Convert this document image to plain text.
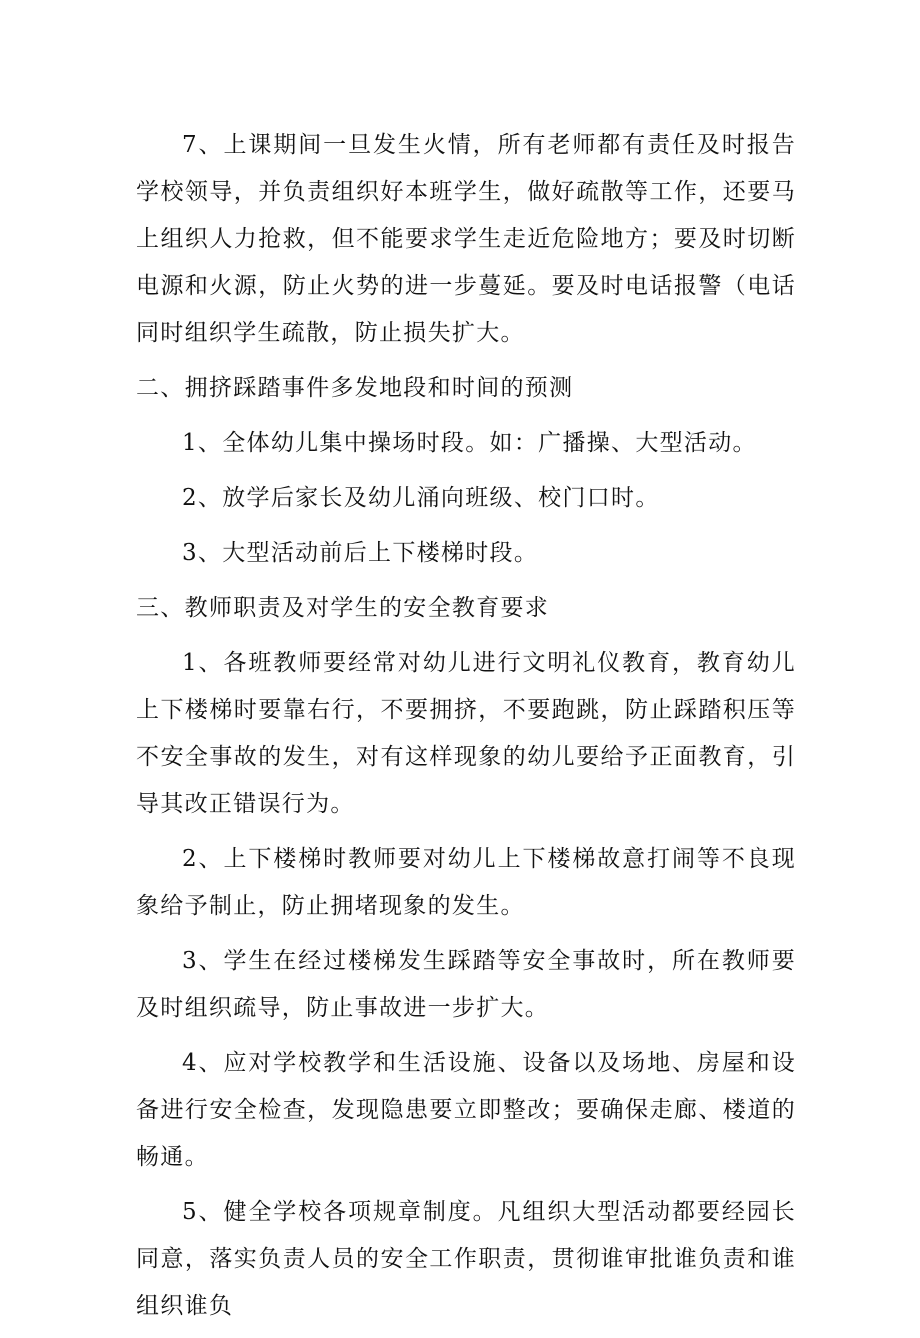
7、上课期间一旦发生火情，所有老师都有责任及时报告学校领导，并负责组织好本班学生，做好疏散等工作，还要马上组织人力抢救，但不能要求学生走近危险地方；要及时切断电源和火源，防止火势的进一步蔓延。要及时电话报警（电话同时组织学生疏散，防止损失扩大。

二、拥挤踩踏事件多发地段和时间的预测

1、全体幼儿集中操场时段。如：广播操、大型活动。

2、放学后家长及幼儿涌向班级、校门口时。

3、大型活动前后上下楼梯时段。

三、教师职责及对学生的安全教育要求

1、各班教师要经常对幼儿进行文明礼仪教育，教育幼儿上下楼梯时要靠右行，不要拥挤，不要跑跳，防止踩踏积压等不安全事故的发生，对有这样现象的幼儿要给予正面教育，引导其改正错误行为。

2、上下楼梯时教师要对幼儿上下楼梯故意打闹等不良现象给予制止，防止拥堵现象的发生。

3、学生在经过楼梯发生踩踏等安全事故时，所在教师要及时组织疏导，防止事故进一步扩大。

4、应对学校教学和生活设施、设备以及场地、房屋和设备进行安全检查，发现隐患要立即整改；要确保走廊、楼道的畅通。

5、健全学校各项规章制度。凡组织大型活动都要经园长同意，落实负责人员的安全工作职责，贯彻谁审批谁负责和谁组织谁负
